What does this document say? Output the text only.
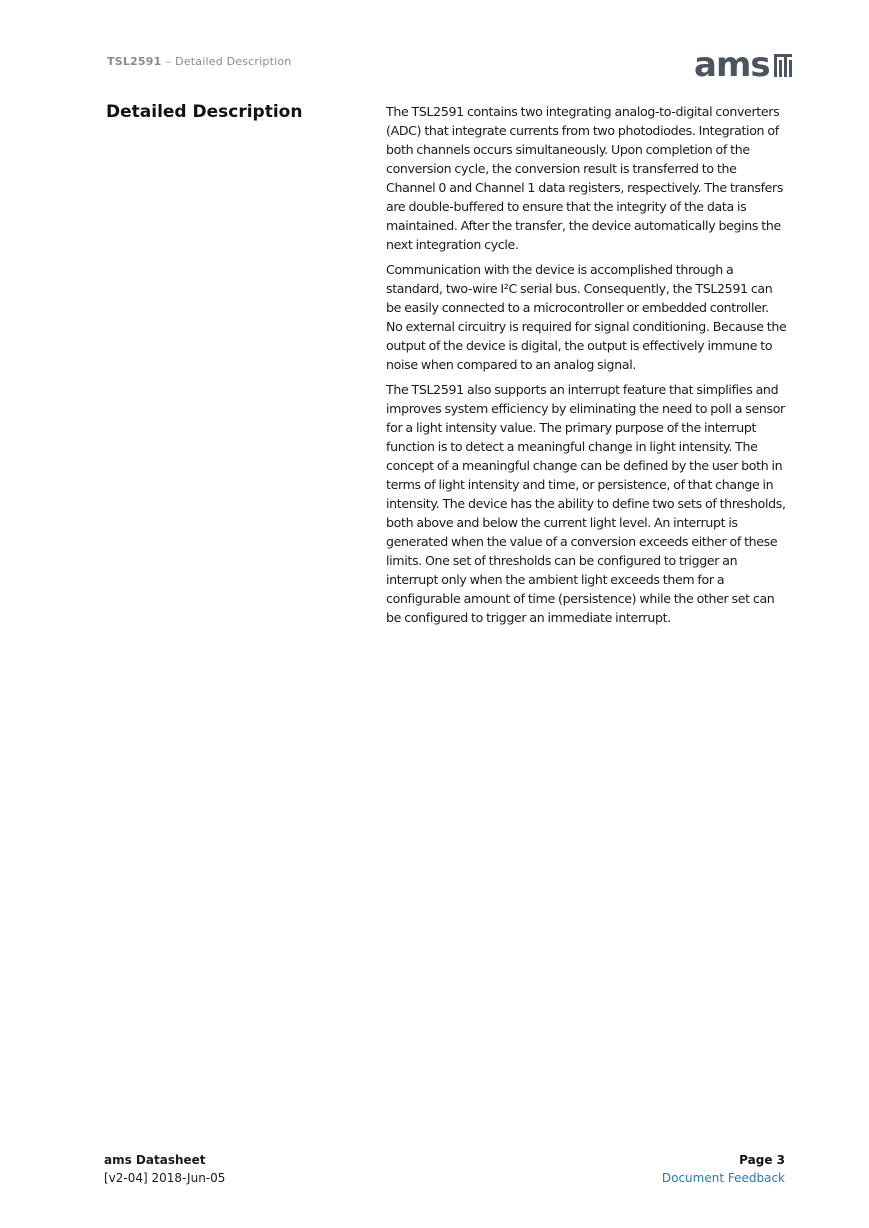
TSL2591 – Detailed Description	ams
Detailed Description	The TSL2591 contains two integrating analog-to-digital converters (ADC) that integrate currents from two photodiodes. Integration of both channels occurs simultaneously. Upon completion of the conversion cycle, the conversion result is transferred to the Channel 0 and Channel 1 data registers, respectively. The transfers are double-buffered to ensure that the integrity of the data is maintained. After the transfer, the device automatically begins the next integration cycle.

Communication with the device is accomplished through a standard, two-wire I²C serial bus. Consequently, the TSL2591 can be easily connected to a microcontroller or embedded controller. No external circuitry is required for signal conditioning. Because the output of the device is digital, the output is effectively immune to noise when compared to an analog signal.

The TSL2591 also supports an interrupt feature that simplifies and improves system efficiency by eliminating the need to poll a sensor for a light intensity value. The primary purpose of the interrupt function is to detect a meaningful change in light intensity. The concept of a meaningful change can be defined by the user both in terms of light intensity and time, or persistence, of that change in intensity. The device has the ability to define two sets of thresholds, both above and below the current light level. An interrupt is generated when the value of a conversion exceeds either of these limits. One set of thresholds can be configured to trigger an interrupt only when the ambient light exceeds them for a configurable amount of time (persistence) while the other set can be configured to trigger an immediate interrupt.

ams Datasheet
[v2-04] 2018-Jun-05
Page 3
Document Feedback
